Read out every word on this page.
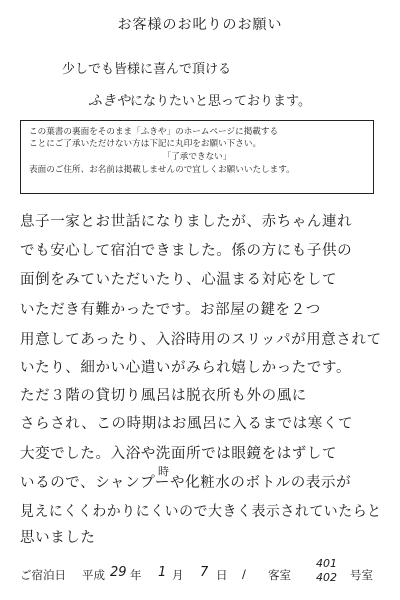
お客様のお叱りのお願い
少しでも皆様に喜んで頂ける
ふきやになりたいと思っております。
この葉書の裏面をそのまま「ふきや」のホームページに掲載する
ことにご了承いただけない方は下記に丸印をお願い下さい。
「了承できない」
表面のご住所、お名前は掲載しませんので宜しくお願いいたします。
息子一家とお世話になりましたが、赤ちゃん連れ
でも安心して宿泊できました。係の方にも子供の
面倒をみていただいたり、心温まる対応をして
いただき有難かったです。お部屋の鍵を２つ
用意してあったり、入浴時用のスリッパが用意されて
いたり、細かい心遣いがみられ嬉しかったです。
ただ３階の貸切り風呂は脱衣所も外の風に
さらされ、この時期はお風呂に入るまでは寒くて
大変でした。入浴や洗面所では眼鏡をはずして
いるので、シャンプーや化粧水のボトルの表示が
見えにくくわかりにくいので大きく表示されていたらと
思いました
時
ご宿泊日 平成 29 年 1 月 7 日 / 客室
401
402 号室
